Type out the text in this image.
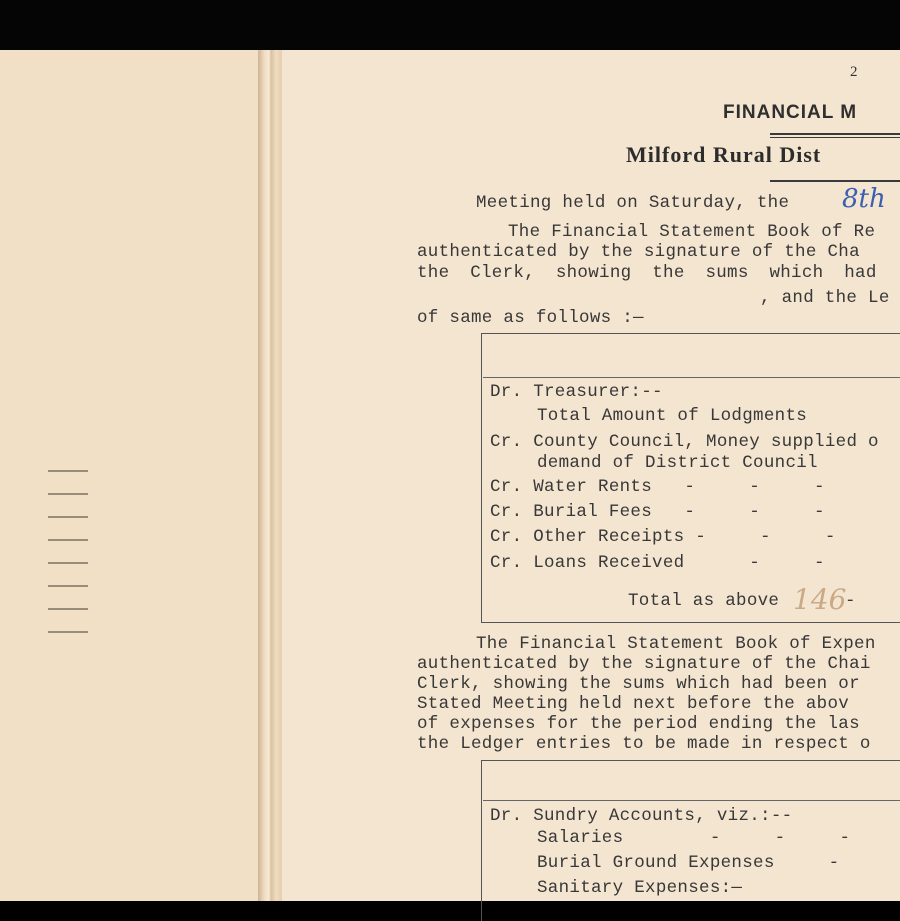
2
FINANCIAL M
Milford Rural Dist
Meeting held on Saturday, the 8th
The Financial Statement Book of Re
authenticated by the signature of the Cha
the Clerk, showing the sums which had
, and the Le
of same as follows :—
Dr. Treasurer:--
Total Amount of Lodgments
Cr. County Council, Money supplied o
demand of District Council
Cr. Water Rents   -     -     -
Cr. Burial Fees   -     -     -
Cr. Other Receipts -     -     -
Cr. Loans Received      -     -
Total as above 146
-
The Financial Statement Book of Expen
authenticated by the signature of the Chai
Clerk, showing the sums which had been or
Stated Meeting held next before the abov
of expenses for the period ending the las
the Ledger entries to be made in respect o
Dr. Sundry Accounts, viz.:--
Salaries        -     -     -
Burial Ground Expenses     -
Sanitary Expenses:—
